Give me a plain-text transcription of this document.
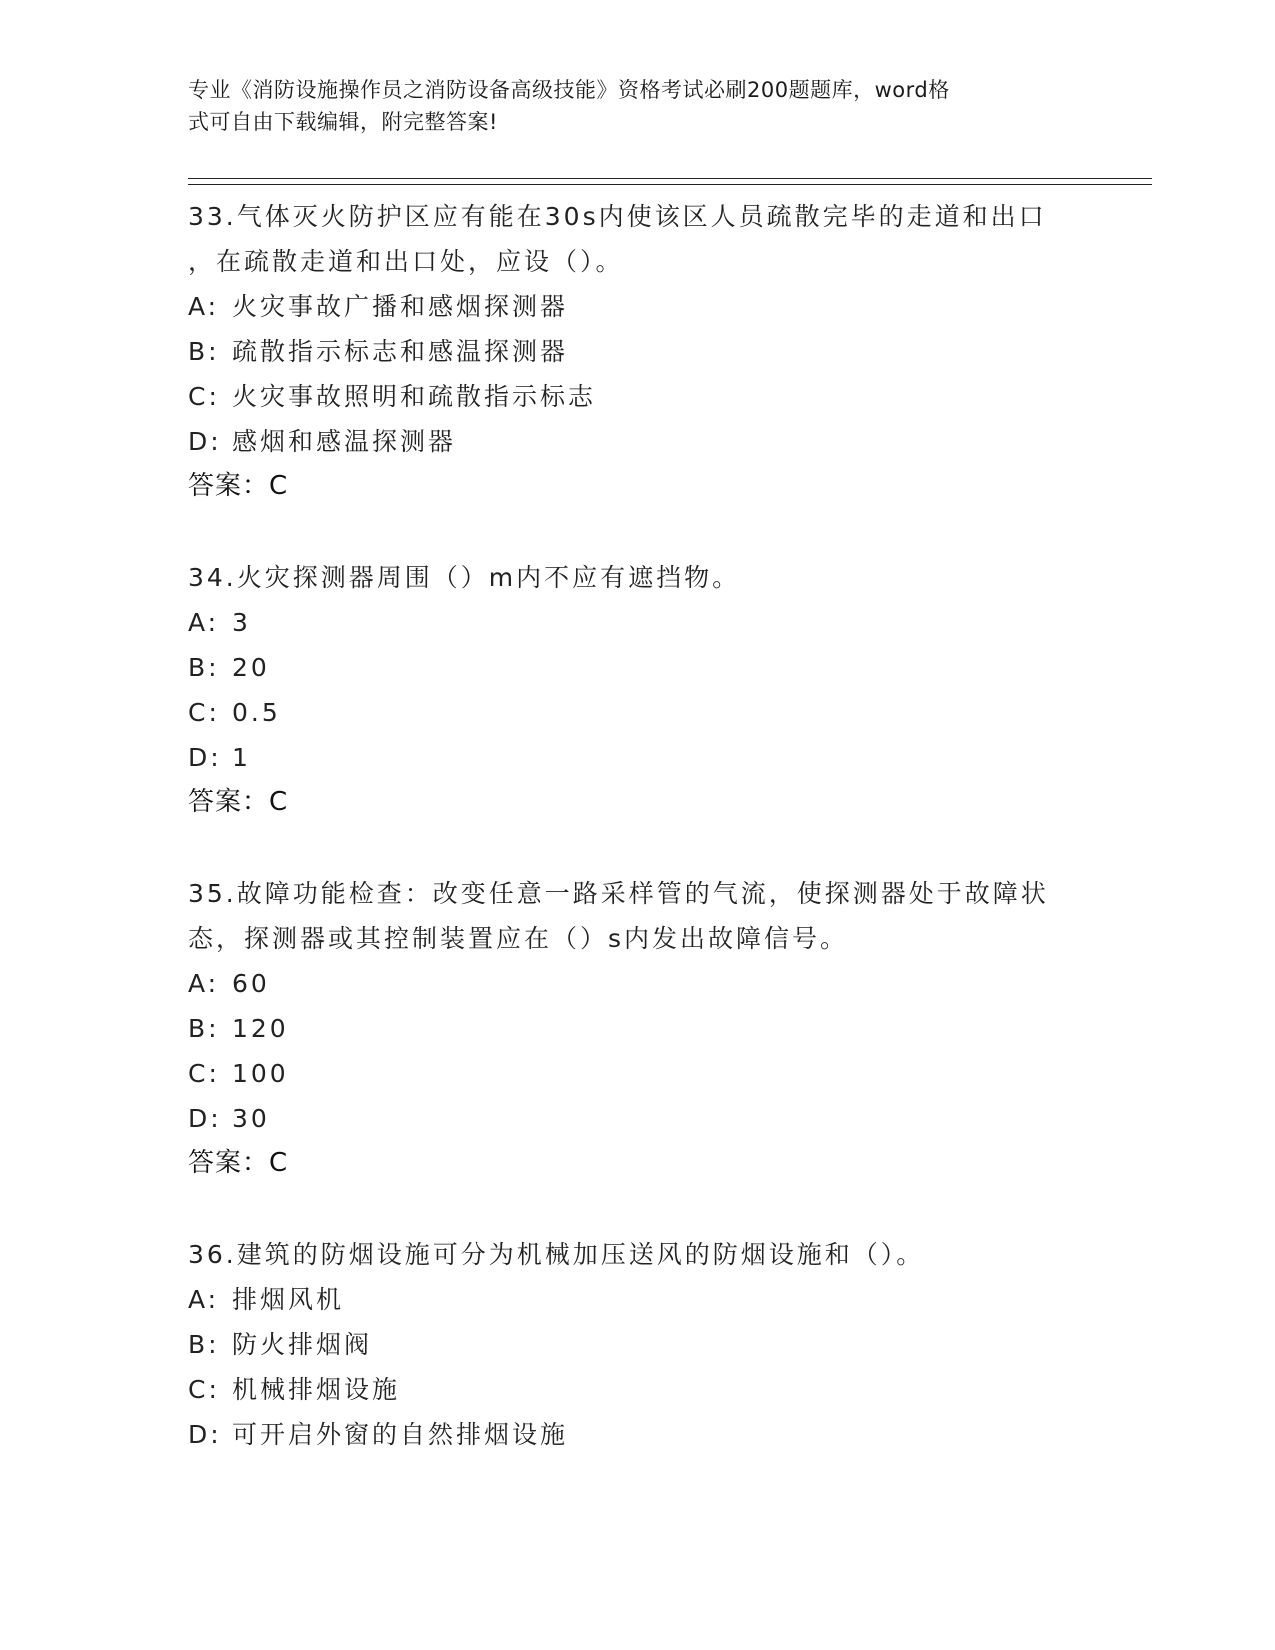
专业《消防设施操作员之消防设备高级技能》资格考试必刷200题题库，word格
式可自由下载编辑，附完整答案!

33.气体灭火防护区应有能在30s内使该区人员疏散完毕的走道和出口

，在疏散走道和出口处，应设（）。

A: 火灾事故广播和感烟探测器
B: 疏散指示标志和感温探测器
C: 火灾事故照明和疏散指示标志
D: 感烟和感温探测器

答案：C

34.火灾探测器周围（）m内不应有遮挡物。

A: 3
B: 20
C: 0.5
D: 1

答案：C

35.故障功能检查：改变任意一路采样管的气流，使探测器处于故障状

态，探测器或其控制装置应在（）s内发出故障信号。

A: 60
B: 120
C: 100
D: 30

答案：C

36.建筑的防烟设施可分为机械加压送风的防烟设施和（）。

A: 排烟风机
B: 防火排烟阀
C: 机械排烟设施
D: 可开启外窗的自然排烟设施
